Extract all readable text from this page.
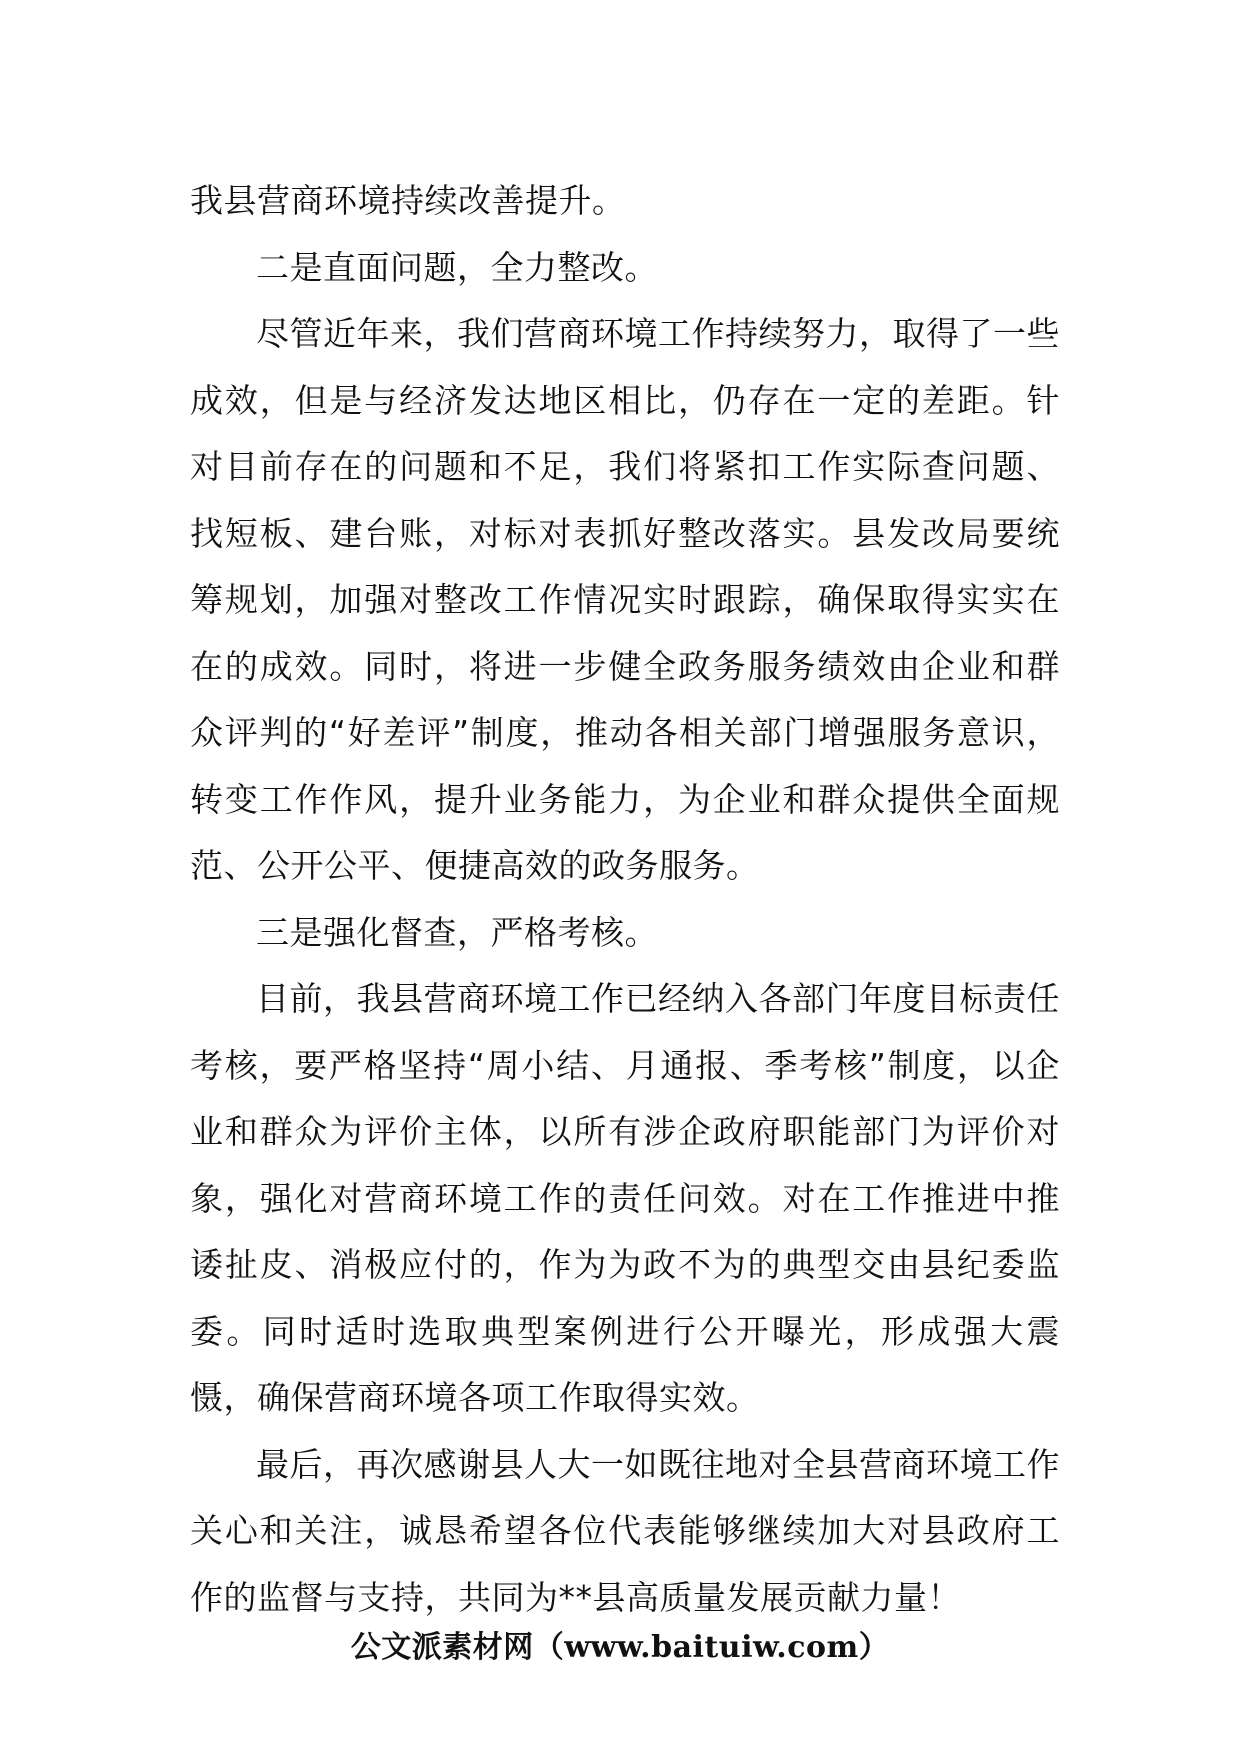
我县营商环境持续改善提升。

二是直面问题，全力整改。

尽管近年来，我们营商环境工作持续努力，取得了一些成效，但是与经济发达地区相比，仍存在一定的差距。针对目前存在的问题和不足，我们将紧扣工作实际查问题、找短板、建台账，对标对表抓好整改落实。县发改局要统筹规划，加强对整改工作情况实时跟踪，确保取得实实在在的成效。同时，将进一步健全政务服务绩效由企业和群众评判的“好差评”制度，推动各相关部门增强服务意识，转变工作作风，提升业务能力，为企业和群众提供全面规范、公开公平、便捷高效的政务服务。

三是强化督查，严格考核。

目前，我县营商环境工作已经纳入各部门年度目标责任考核，要严格坚持“周小结、月通报、季考核”制度，以企业和群众为评价主体，以所有涉企政府职能部门为评价对象，强化对营商环境工作的责任问效。对在工作推进中推诿扯皮、消极应付的，作为为政不为的典型交由县纪委监委。同时适时选取典型案例进行公开曝光，形成强大震慑，确保营商环境各项工作取得实效。

最后，再次感谢县人大一如既往地对全县营商环境工作关心和关注，诚恳希望各位代表能够继续加大对县政府工作的监督与支持，共同为**县高质量发展贡献力量！

公文派素材网（www.baituiw.com）
